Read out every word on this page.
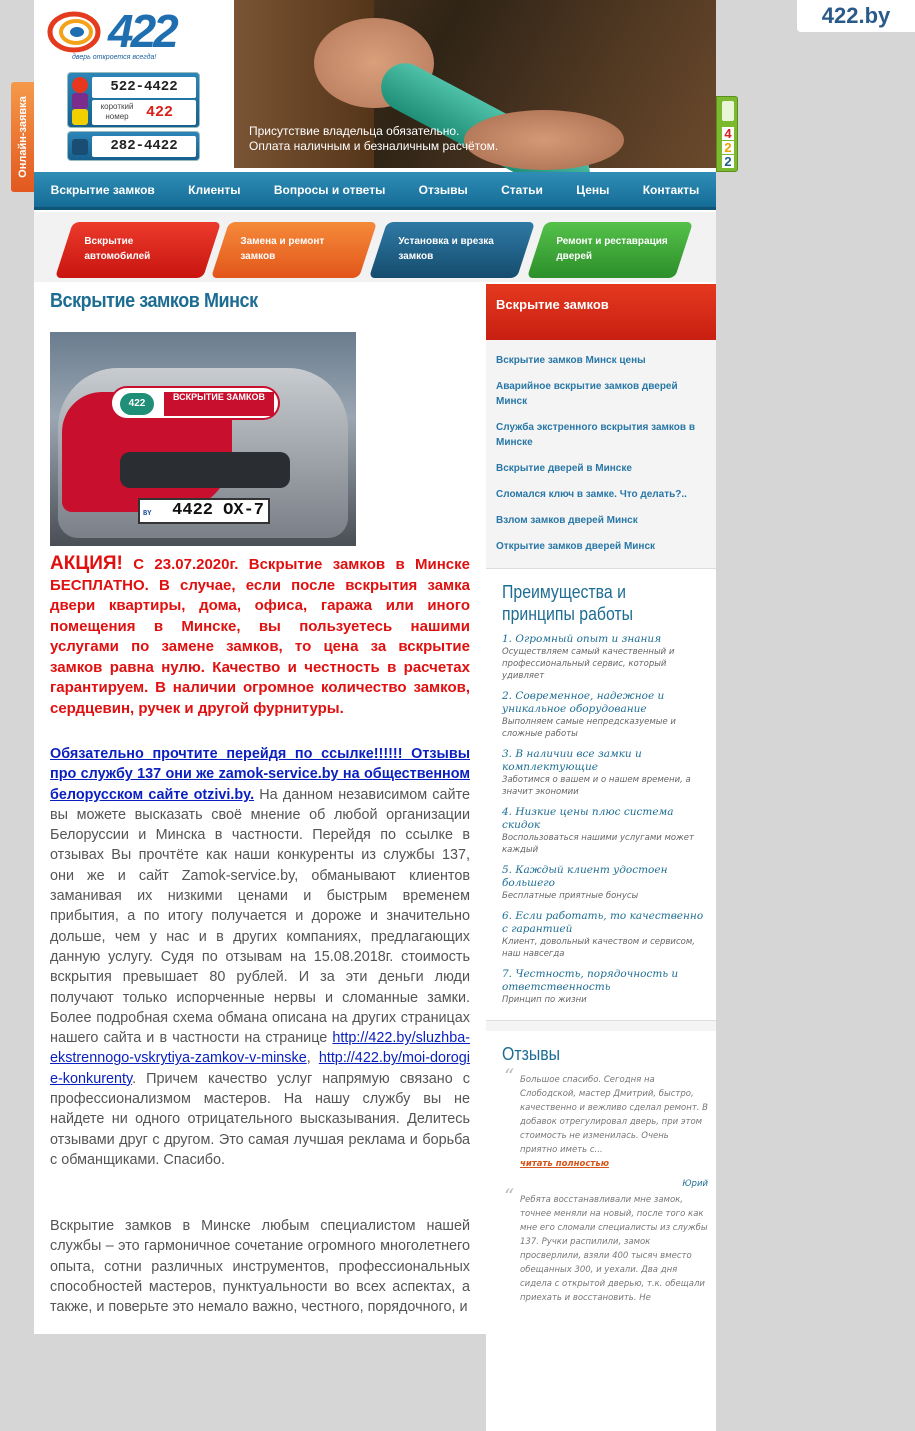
Онлайн-заявка	4
2
2
422
дверь откроется всегда!
522-4422
короткий номер	422
282-4422
Присутствие владельца обязательно.
Оплата наличным и безналичным расчётом.
422.by
Вскрытие замков	Клиенты	Вопросы и ответы	Отзывы	Статьи	Цены	Контакты
Вскрытие автомобилей
Замена и ремонт замков
Установка и врезка замков
Ремонт и реставрация дверей
Вскрытие замков Минск
422
ВСКРЫТИЕ ЗАМКОВ
522-4422
BY 4422 OX-7
АКЦИЯ! С 23.07.2020г. Вскрытие замков в Минске БЕСПЛАТНО. В случае, если после вскрытия замка двери квартиры, дома, офиса, гаража или иного помещения в Минске, вы пользуетесь нашими услугами по замене замков, то цена за вскрытие замков равна нулю. Качество и честность в расчетах гарантируем. В наличии огромное количество замков, сердцевин, ручек и другой фурнитуры.
Обязательно прочтите перейдя по ссылке!!!!!! Отзывы про службу 137 они же zamok-service.by на общественном белорусском сайте otzivi.by. На данном независимом сайте вы можете высказать своё мнение об любой организации Белоруссии и Минска в частности. Перейдя по ссылке в отзывах Вы прочтёте как наши конкуренты из службы 137, они же и сайт Zamok-service.by, обманывают клиентов заманивая их низкими ценами и быстрым временем прибытия, а по итогу получается и дороже и значительно дольше, чем у нас и в других компаниях, предлагающих данную услугу. Судя по отзывам на 15.08.2018г. стоимость вскрытия превышает 80 рублей. И за эти деньги люди получают только испорченные нервы и сломанные замки. Более подробная схема обмана описана на других страницах нашего сайта и в частности на странице http://422.by/sluzhba-ekstrennogo-vskrytiya-zamkov-v-minske, http://422.by/moi-dorogie-konkurenty. Причем качество услуг напрямую связано с профессионализмом мастеров. На нашу службу вы не найдете ни одного отрицательного высказывания. Делитесь отзывами друг с другом. Это самая лучшая реклама и борьба с обманщиками. Спасибо.
Вскрытие замков в Минске любым специалистом нашей службы – это гармоничное сочетание огромного многолетнего опыта, сотни различных инструментов, профессиональных способностей мастеров, пунктуальности во всех аспектах, а также, и поверьте это немало важно, честного, порядочного, и
Вскрытие замков
Вскрытие замков Минск цены
Аварийное вскрытие замков дверей Минск
Служба экстренного вскрытия замков в Минске
Вскрытие дверей в Минске
Сломался ключ в замке. Что делать?..
Взлом замков дверей Минск
Открытие замков дверей Минск
Преимущества и принципы работы
1. Огромный опыт и знания
Осуществляем самый качественный и профессиональный сервис, который удивляет
2. Современное, надежное и уникальное оборудование
Выполняем самые непредсказуемые и сложные работы
3. В наличии все замки и комплектующие
Заботимся о вашем и о нашем времени, а значит экономии
4. Низкие цены плюс система скидок
Воспользоваться нашими услугами может каждый
5. Каждый клиент удостоен большего
Бесплатные приятные бонусы
6. Если работать, то качественно с гарантией
Клиент, довольный качеством и сервисом, наш навсегда
7. Честность, порядочность и ответственность
Принцип по жизни
Отзывы
“ Большое спасибо. Сегодня на Слободской, мастер Дмитрий, быстро, качественно и вежливо сделал ремонт. В добавок отрегулировал дверь, при этом стоимость не изменилась. Очень приятно иметь с...
читать полностью
Юрий
“ Ребята восстанавливали мне замок, точнее меняли на новый, после того как мне его сломали специалисты из службы 137. Ручки распилили, замок просверлили, взяли 400 тысяч вместо обещанных 300, и уехали. Два дня сидела с открытой дверью, т.к. обещали приехать и восстановить. Не
